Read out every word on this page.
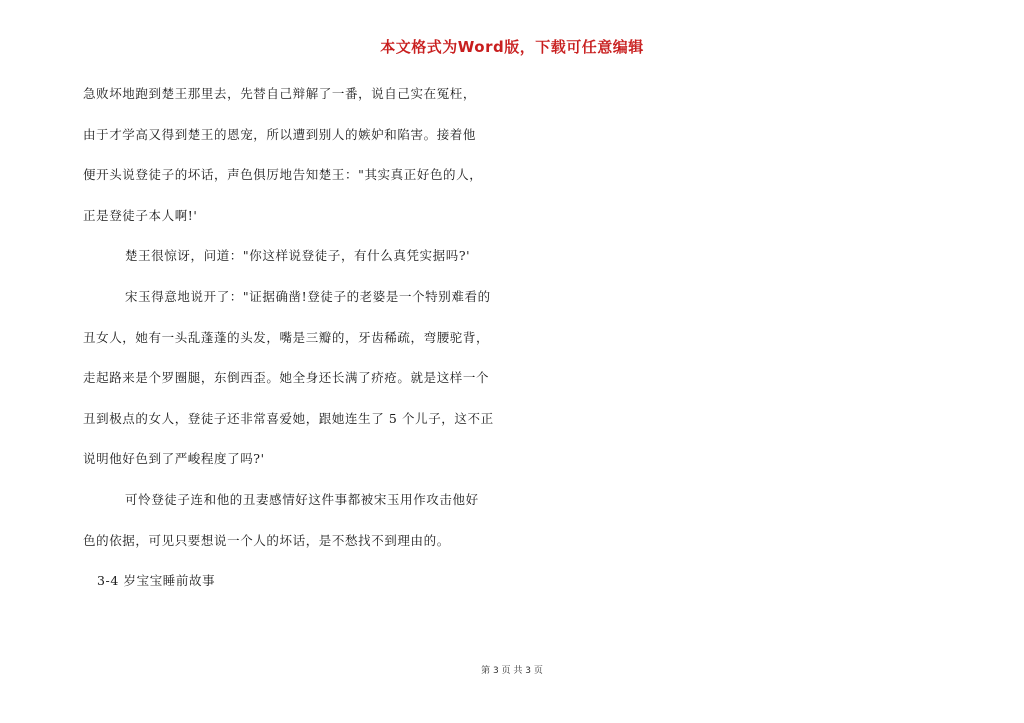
本文格式为Word版，下载可任意编辑
急败坏地跑到楚王那里去，先替自己辩解了一番，说自己实在冤枉，
由于才学高又得到楚王的恩宠，所以遭到别人的嫉妒和陷害。接着他
便开头说登徒子的坏话，声色俱厉地告知楚王："其实真正好色的人，
正是登徒子本人啊!'
楚王很惊讶，问道："你这样说登徒子，有什么真凭实据吗?'
宋玉得意地说开了："证据确凿!登徒子的老婆是一个特别难看的
丑女人，她有一头乱蓬蓬的头发，嘴是三瓣的，牙齿稀疏，弯腰驼背，
走起路来是个罗圈腿，东倒西歪。她全身还长满了疥疮。就是这样一个
丑到极点的女人，登徒子还非常喜爱她，跟她连生了 5 个儿子，这不正
说明他好色到了严峻程度了吗?'
可怜登徒子连和他的丑妻感情好这件事都被宋玉用作攻击他好
色的依据，可见只要想说一个人的坏话，是不愁找不到理由的。
3-4 岁宝宝睡前故事
第 3 页 共 3 页
